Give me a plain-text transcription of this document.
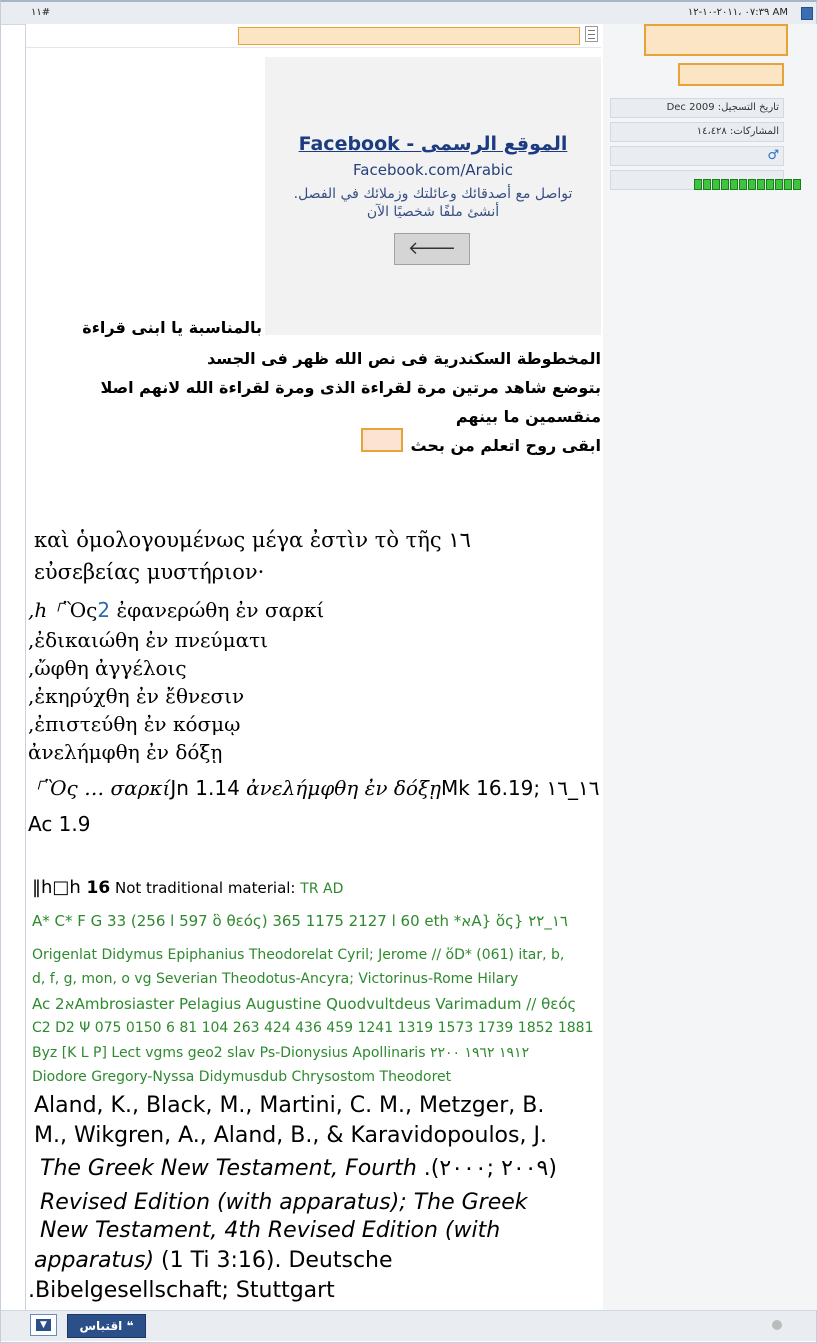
#١١	AM ٠٧:٣٩ ،٢٠١١-١٠-١٢
Facebook - الموقع الرسمى
Facebook.com/Arabic
تواصل مع أصدقائك وعائلتك وزملائك في الفصل.
أنشئ ملفًا شخصيًا الآن
🡐
بالمناسبة يا ابنى قراءة
المخطوطة السكندرية فى نص الله ظهر فى الجسد
بتوضع شاهد مرتين مرة لقراءة الذى ومرة لقراءة الله لانهم اصلا
منقسمين ما بينهم
ابقى روح اتعلم من بحث
καὶ ὁμολογουμένως μέγα ἐστὶν τὸ τῆς ١٦
εὐσεβείας μυστήριον·
,h ⸀Ὃς2 ἐφανερώθη ἐν σαρκί
,ἐδικαιώθη ἐν πνεύματι
,ὤφθη ἀγγέλοις
,ἐκηρύχθη ἐν ἔθνεσιν
,ἐπιστεύθη ἐν κόσμῳ
ἀνελήμφθη ἐν δόξῃ
⸀Ὃς … σαρκίJn 1.14 ἀνελήμφθη ἐν δόξῃMk 16.19; ١٦_١٦
Ac 1.9
‖h□h 16 Not traditional material: TR AD
A* C* F G 33 (256 l 597 ὃ θεός) 365 1175 2127 l 60 eth *אA} ὅς} ١٦_٢٢
Origenlat Didymus Epiphanius Theodorelat Cyril; Jerome // ὅD* (061) itar, b,
d, f, g, mon, o vg Severian Theodotus-Ancyra; Victorinus-Rome Hilary
Ac 2אAmbrosiaster Pelagius Augustine Quodvultdeus Varimadum // θεός
C2 D2 Ψ 075 0150 6 81 104 263 424 436 459 1241 1319 1573 1739 1852 1881
Byz [K L P] Lect vgms geo2 slav Ps-Dionysius Apollinaris ١٩١٢ ١٩٦٢ ٢٢٠٠
Diodore Gregory-Nyssa Didymusdub Chrysostom Theodoret
Aland, K., Black, M., Martini, C. M., Metzger, B.
M., Wikgren, A., Aland, B., & Karavidopoulos, J.
The Greek New Testament, Fourth .(٢٠٠٩ ;٢٠٠٠)
Revised Edition (with apparatus); The Greek
New Testament, 4th Revised Edition (with
apparatus) (1 Ti 3:16). Deutsche
.Bibelgesellschaft; Stuttgart
تاريخ التسجيل: Dec 2009
المشاركات: ١٤،٤٢٨
♂
▼	❝ اقتباس
